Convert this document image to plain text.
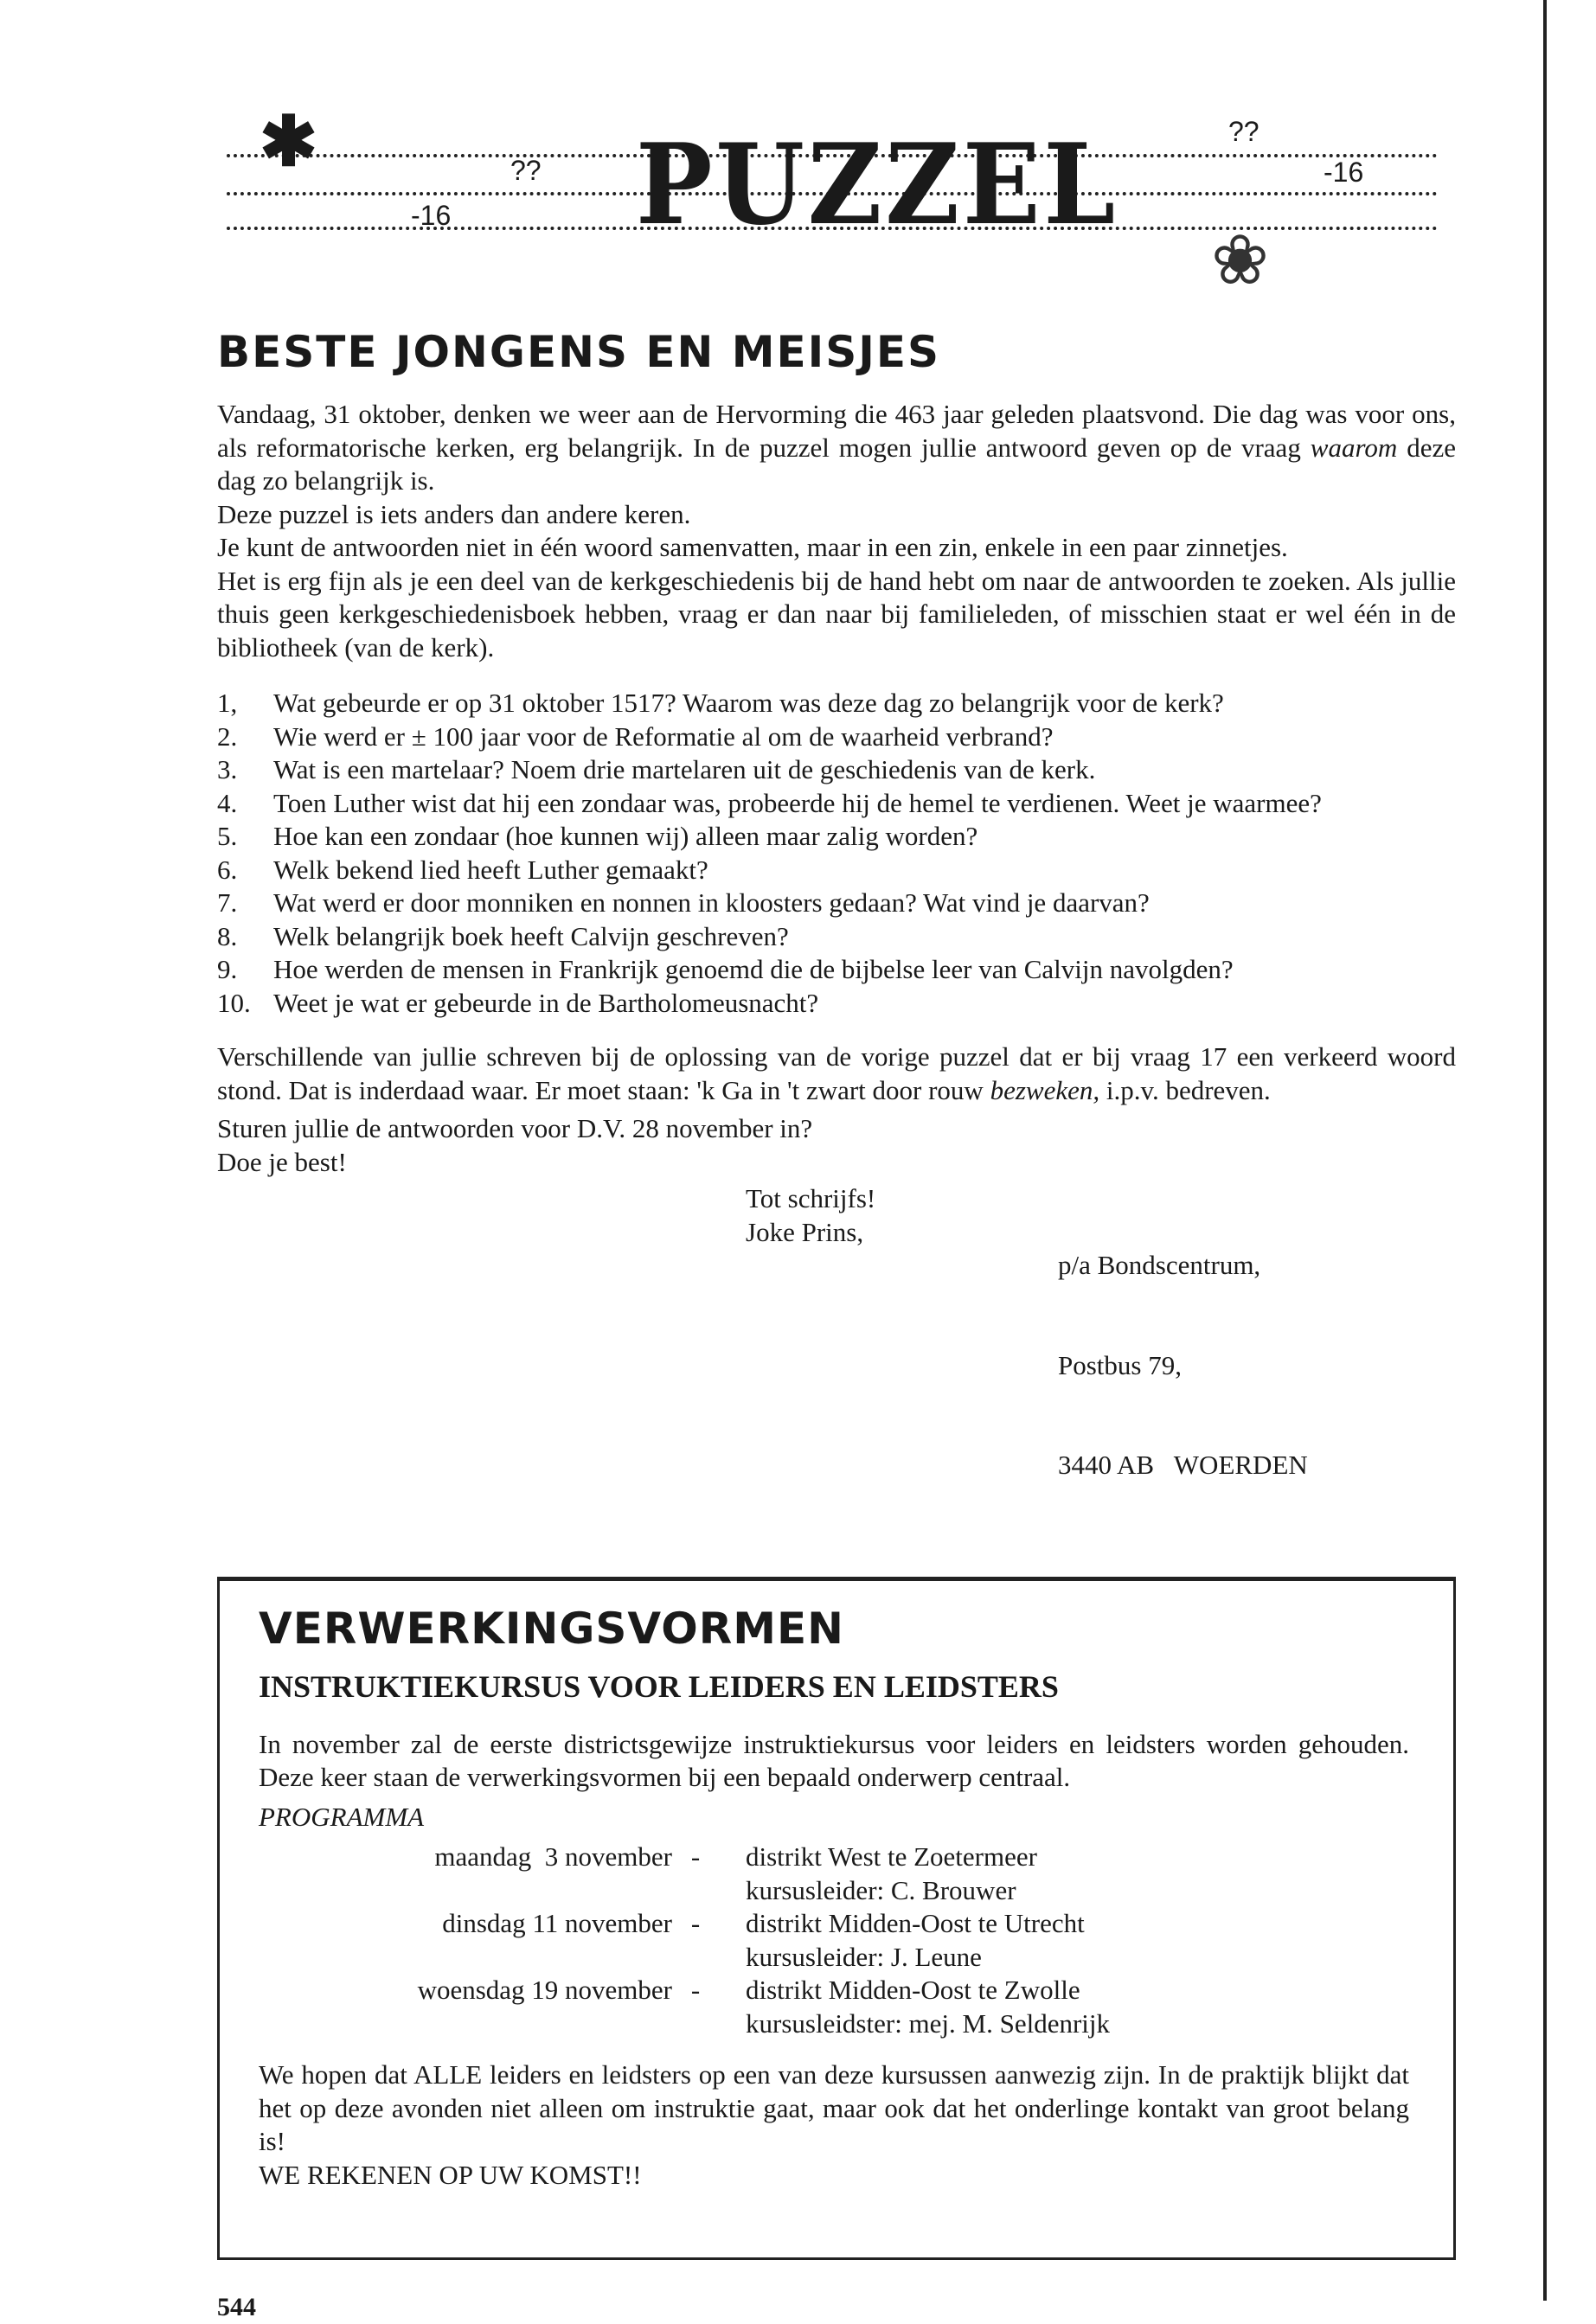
✱
❀
??
??
-16
-16
PUZZEL
BESTE JONGENS EN MEISJES

Vandaag, 31 oktober, denken we weer aan de Hervorming die 463 jaar geleden plaatsvond. Die dag was voor ons, als reformatorische kerken, erg belangrijk. In de puzzel mogen jullie antwoord geven op de vraag waarom deze dag zo belangrijk is.

Deze puzzel is iets anders dan andere keren.

Je kunt de antwoorden niet in één woord samenvatten, maar in een zin, enkele in een paar zinnetjes.

Het is erg fijn als je een deel van de kerkgeschiedenis bij de hand hebt om naar de antwoorden te zoeken. Als jullie thuis geen kerkgeschiedenisboek hebben, vraag er dan naar bij familieleden, of misschien staat er wel één in de bibliotheek (van de kerk).

1,	Wat gebeurde er op 31 oktober 1517? Waarom was deze dag zo belangrijk voor de kerk?
2.	Wie werd er ± 100 jaar voor de Reformatie al om de waarheid verbrand?
3.	Wat is een martelaar? Noem drie martelaren uit de geschiedenis van de kerk.
4.	Toen Luther wist dat hij een zondaar was, probeerde hij de hemel te verdienen. Weet je waarmee?
5.	Hoe kan een zondaar (hoe kunnen wij) alleen maar zalig worden?
6.	Welk bekend lied heeft Luther gemaakt?
7.	Wat werd er door monniken en nonnen in kloosters gedaan? Wat vind je daarvan?
8.	Welk belangrijk boek heeft Calvijn geschreven?
9.	Hoe werden de mensen in Frankrijk genoemd die de bijbelse leer van Calvijn navolgden?
10. Weet je wat er gebeurde in de Bartholomeusnacht?

Verschillende van jullie schreven bij de oplossing van de vorige puzzel dat er bij vraag 17 een verkeerd woord stond. Dat is inderdaad waar. Er moet staan: 'k Ga in 't zwart door rouw bezweken, i.p.v. bedreven.

Sturen jullie de antwoorden voor D.V. 28 november in?

Doe je best!

Tot schrijfs!
Joke Prins,

p/a Bondscentrum,

Postbus 79,

3440 AB   WOERDEN

VERWERKINGSVORMEN
INSTRUKTIEKURSUS VOOR LEIDERS EN LEIDSTERS

In november zal de eerste districtsgewijze instruktiekursus voor leiders en leidsters worden gehouden. Deze keer staan de verwerkingsvormen bij een bepaald onderwerp centraal.

PROGRAMMA
maandag  3 november -	distrikt West te Zoetermeer
kursusleider: C. Brouwer
dinsdag 11 november -	distrikt Midden-Oost te Utrecht
kursusleider: J. Leune
woensdag 19 november -	distrikt Midden-Oost te Zwolle
kursusleidster: mej. M. Seldenrijk

We hopen dat ALLE leiders en leidsters op een van deze kursussen aanwezig zijn. In de praktijk blijkt dat het op deze avonden niet alleen om instruktie gaat, maar ook dat het onderlinge kontakt van groot belang is!

WE REKENEN OP UW KOMST!!

544
